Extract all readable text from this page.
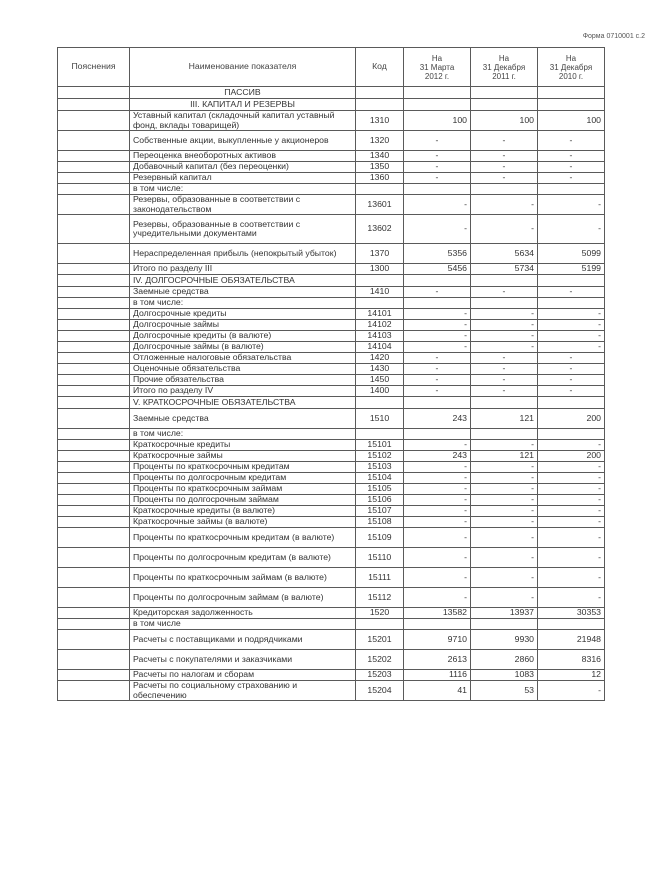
Форма 0710001 с.2
Пояснения	Наименование показателя	Код	На
31 Марта
2012 г.	На
31 Декабря
2011 г.	На
31 Декабря
2010 г.

	ПАССИВ				
	III. КАПИТАЛ И РЕЗЕРВЫ				
	Уставный капитал (складочный капитал уставный фонд, вклады товарищей)	1310	100	100	100
	Собственные акции, выкупленные у акционеров	1320	-	-	-
	Переоценка внеоборотных активов	1340	-	-	-
	Добавочный капитал (без переоценки)	1350	-	-	-
	Резервный капитал	1360	-	-	-
	в том числе:				
	Резервы, образованные в соответствии с законодательством	13601	-	-	-
	Резервы, образованные в соответствии с учредительными документами	13602	-	-	-
	Нераспределенная прибыль (непокрытый убыток)	1370	5356	5634	5099
	Итого по разделу III	1300	5456	5734	5199
	IV. ДОЛГОСРОЧНЫЕ ОБЯЗАТЕЛЬСТВА				
	Заемные средства	1410	-	-	-
	в том числе:				
	Долгосрочные кредиты	14101	-	-	-
	Долгосрочные займы	14102	-	-	-
	Долгосрочные кредиты (в валюте)	14103	-	-	-
	Долгосрочные займы (в валюте)	14104	-	-	-
	Отложенные налоговые обязательства	1420	-	-	-
	Оценочные обязательства	1430	-	-	-
	Прочие обязательства	1450	-	-	-
	Итого по разделу IV	1400	-	-	-
	V. КРАТКОСРОЧНЫЕ ОБЯЗАТЕЛЬСТВА				
	Заемные средства	1510	243	121	200
	в том числе:				
	Краткосрочные кредиты	15101	-	-	-
	Краткосрочные займы	15102	243	121	200
	Проценты по краткосрочным кредитам	15103	-	-	-
	Проценты по долгосрочным кредитам	15104	-	-	-
	Проценты по краткосрочным займам	15105	-	-	-
	Проценты по долгосрочным займам	15106	-	-	-
	Краткосрочные кредиты (в валюте)	15107	-	-	-
	Краткосрочные займы (в валюте)	15108	-	-	-
	Проценты по краткосрочным кредитам (в валюте)	15109	-	-	-
	Проценты по долгосрочным кредитам (в валюте)	15110	-	-	-
	Проценты по краткосрочным займам (в валюте)	15111	-	-	-
	Проценты по долгосрочным займам (в валюте)	15112	-	-	-
	Кредиторская задолженность	1520	13582	13937	30353
	в том числе				
	Расчеты с поставщиками и подрядчиками	15201	9710	9930	21948
	Расчеты с покупателями и заказчиками	15202	2613	2860	8316
	Расчеты по налогам и сборам	15203	1116	1083	12
	Расчеты по социальному страхованию и обеспечению	15204	41	53	-
